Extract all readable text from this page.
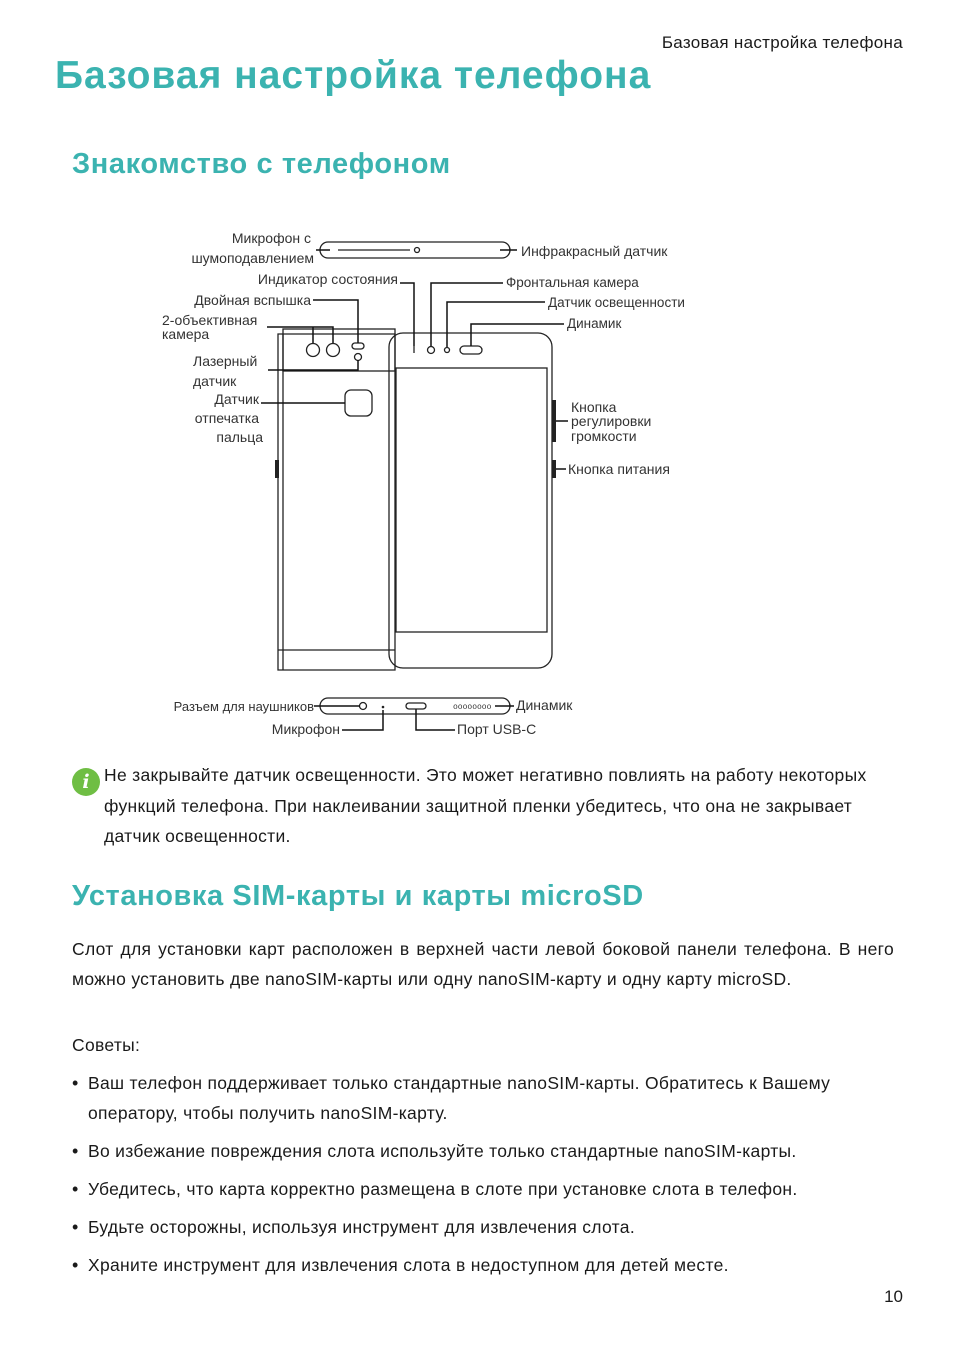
Базовая настройка телефона
Базовая настройка телефона
Знакомство с телефоном
oooooooo
Микрофон с
шумоподавлением	Инфракрасный датчик
Индикатор состояния	Фронтальная камера
Двойная вспышка	Датчик освещенности
2-объективная
камера
Динамик
Лазерный
датчик
Датчик
отпечатка
пальца
Кнопка
регулировки
громкости
Кнопка питания
Разъем для наушников	Динамик
Микрофон	Порт USB-C
i Не закрывайте датчик освещенности. Это может негативно повлиять на работу некоторых функций телефона. При наклеивании защитной пленки убедитесь, что она не закрывает датчик освещенности.

Установка SIM-карты и карты microSD

Слот для установки карт расположен в верхней части левой боковой панели телефона. В него можно установить две nanoSIM-карты или одну nanoSIM-карту и одну карту microSD.

Советы:

• Ваш телефон поддерживает только стандартные nanoSIM-карты. Обратитесь к Вашему оператору, чтобы получить nanoSIM-карту.
• Во избежание повреждения слота используйте только стандартные nanoSIM-карты.
• Убедитесь, что карта корректно размещена в слоте при установке слота в телефон.
• Будьте осторожны, используя инструмент для извлечения слота.
• Храните инструмент для извлечения слота в недоступном для детей месте.
10
